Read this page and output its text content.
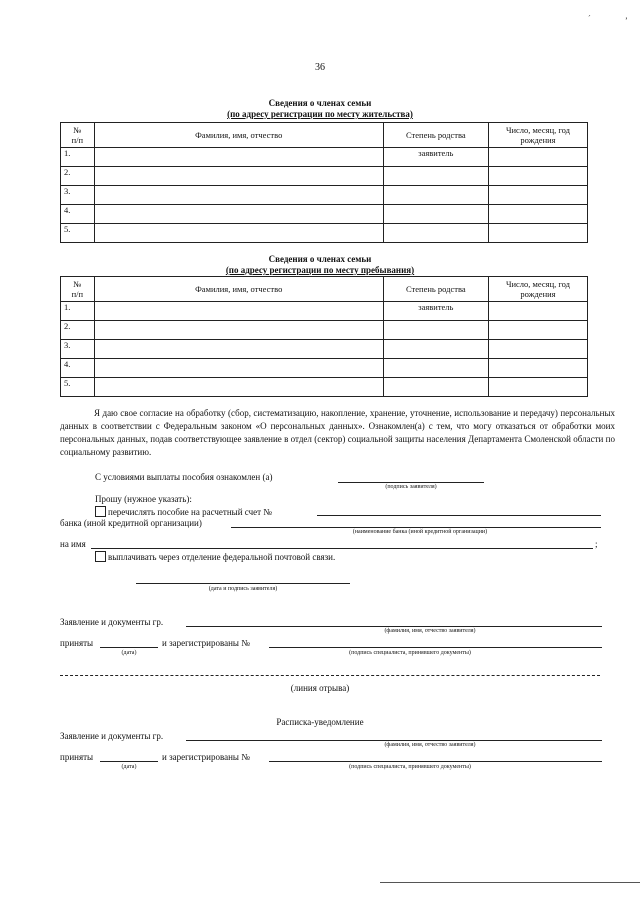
´	’
36
Сведения о членах семьи
(по адресу регистрации по месту жительства)
№
п/п	Фамилия, имя, отчество	Степень родства	Число, месяц, год
рождения
1.		заявитель	
2.			
3.			
4.			
5.			
Сведения о членах семьи
(по адресу регистрации по месту пребывания)
№
п/п	Фамилия, имя, отчество	Степень родства	Число, месяц, год
рождения
1.		заявитель	
2.			
3.			
4.			
5.			
Я даю свое согласие на обработку (сбор, систематизацию, накопление, хранение, уточнение, использование и передачу) персональных данных в соответствии с Федеральным законом «О персональных данных». Ознакомлен(а) с тем, что могу отказаться от обработки моих персональных данных, подав соответствующее заявление в отдел (сектор) социальной защиты населения Департамента Смоленской области по социальному развитию.
С условиями выплаты пособия ознакомлен (а)
(подпись заявителя)
Прошу (нужное указать):
перечислять пособие на расчетный счет №
банка (иной кредитной организации)
(наименование банка (иной кредитной организации)
на имя	;
выплачивать через отделение федеральной почтовой связи.
(дата и подпись заявителя)
Заявление и документы гр.
(фамилия, имя, отчество заявителя)
приняты	и зарегистрированы №
(дата)	(подпись специалиста, принявшего документы)
(линия отрыва)
Расписка-уведомление
Заявление и документы гр.
(фамилия, имя, отчество заявителя)
приняты	и зарегистрированы №
(дата)	(подпись специалиста, принявшего документы)
